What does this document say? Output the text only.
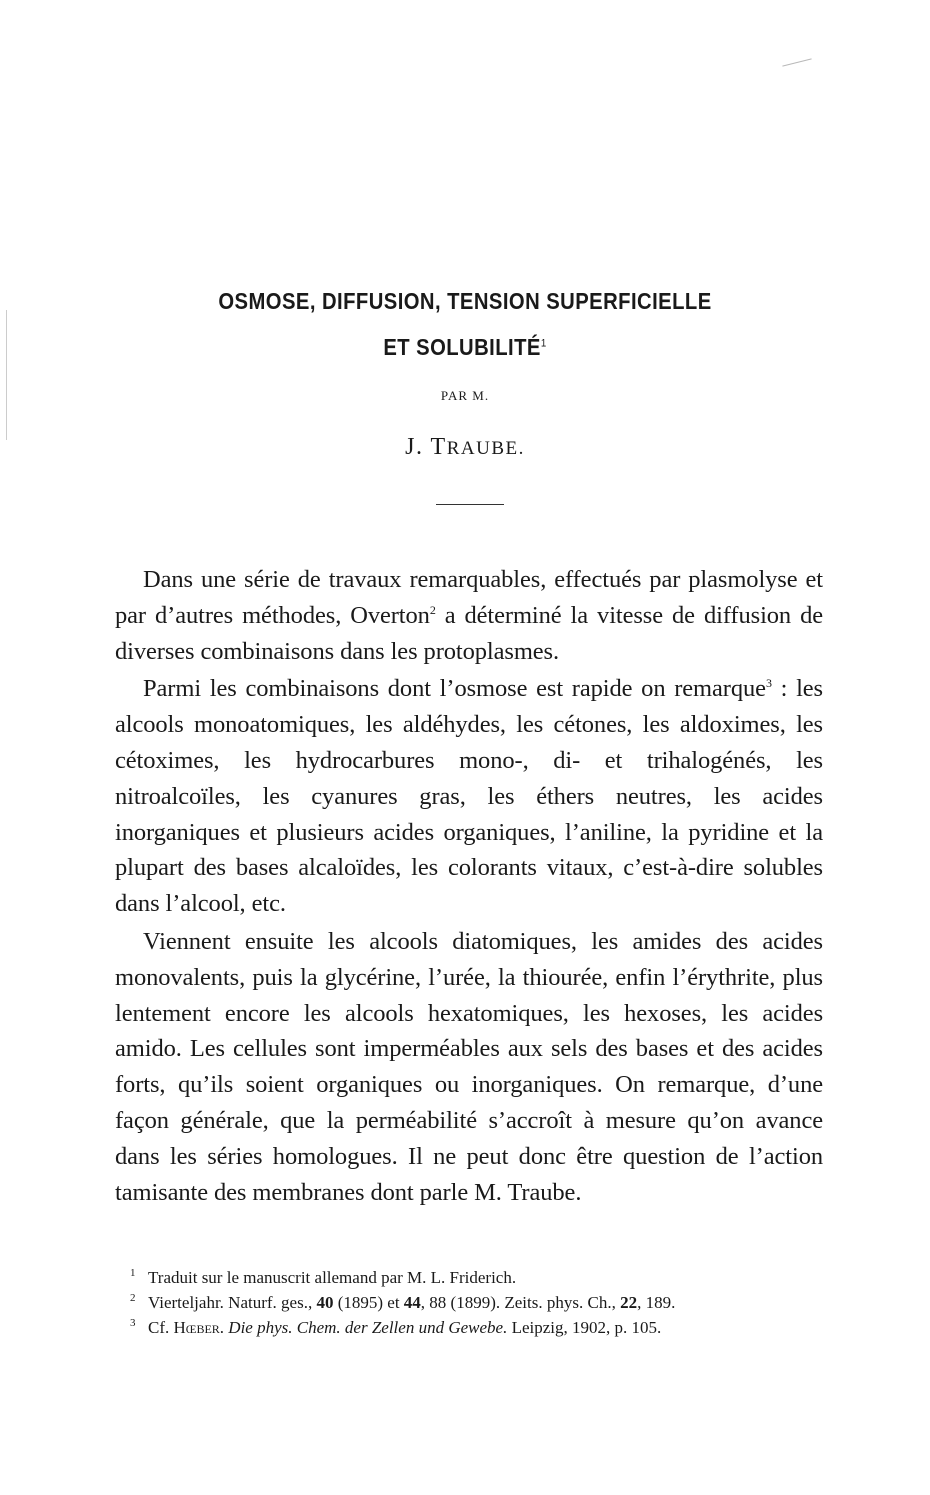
OSMOSE, DIFFUSION, TENSION SUPERFICIELLE
ET SOLUBILITÉ$^1$
PAR M.
J. TRAUBE.

Dans une série de travaux remarquables, effectués par plasmolyse et par d’autres méthodes, Overton$^2$ a déterminé la vitesse de diffusion de diverses combinaisons dans les protoplasmes.

Parmi les combinaisons dont l’osmose est rapide on remarque$^3$ : les alcools monoatomiques, les aldéhydes, les cétones, les aldoximes, les cétoximes, les hydrocarbures mono-, di- et trihalogénés, les nitroalcoïles, les cyanures gras, les éthers neutres, les acides inorganiques et plusieurs acides organiques, l’aniline, la pyridine et la plupart des bases alcaloïdes, les colorants vitaux, c’est-à-dire solubles dans l’alcool, etc.

Viennent ensuite les alcools diatomiques, les amides des acides monovalents, puis la glycérine, l’urée, la thiourée, enfin l’érythrite, plus lentement encore les alcools hexatomiques, les hexoses, les acides amido. Les cellules sont imperméables aux sels des bases et des acides forts, qu’ils soient organiques ou inorganiques. On remarque, d’une façon générale, que la perméabilité s’accroît à mesure qu’on avance dans les séries homologues. Il ne peut donc être question de l’action tamisante des membranes dont parle M. Traube.

1 Traduit sur le manuscrit allemand par M. L. Friderich.
2 Vierteljahr. Naturf. ges., 40 (1895) et 44, 88 (1899). Zeits. phys. Ch., 22, 189.
3 Cf. Hœber. Die phys. Chem. der Zellen und Gewebe. Leipzig, 1902, p. 105.
